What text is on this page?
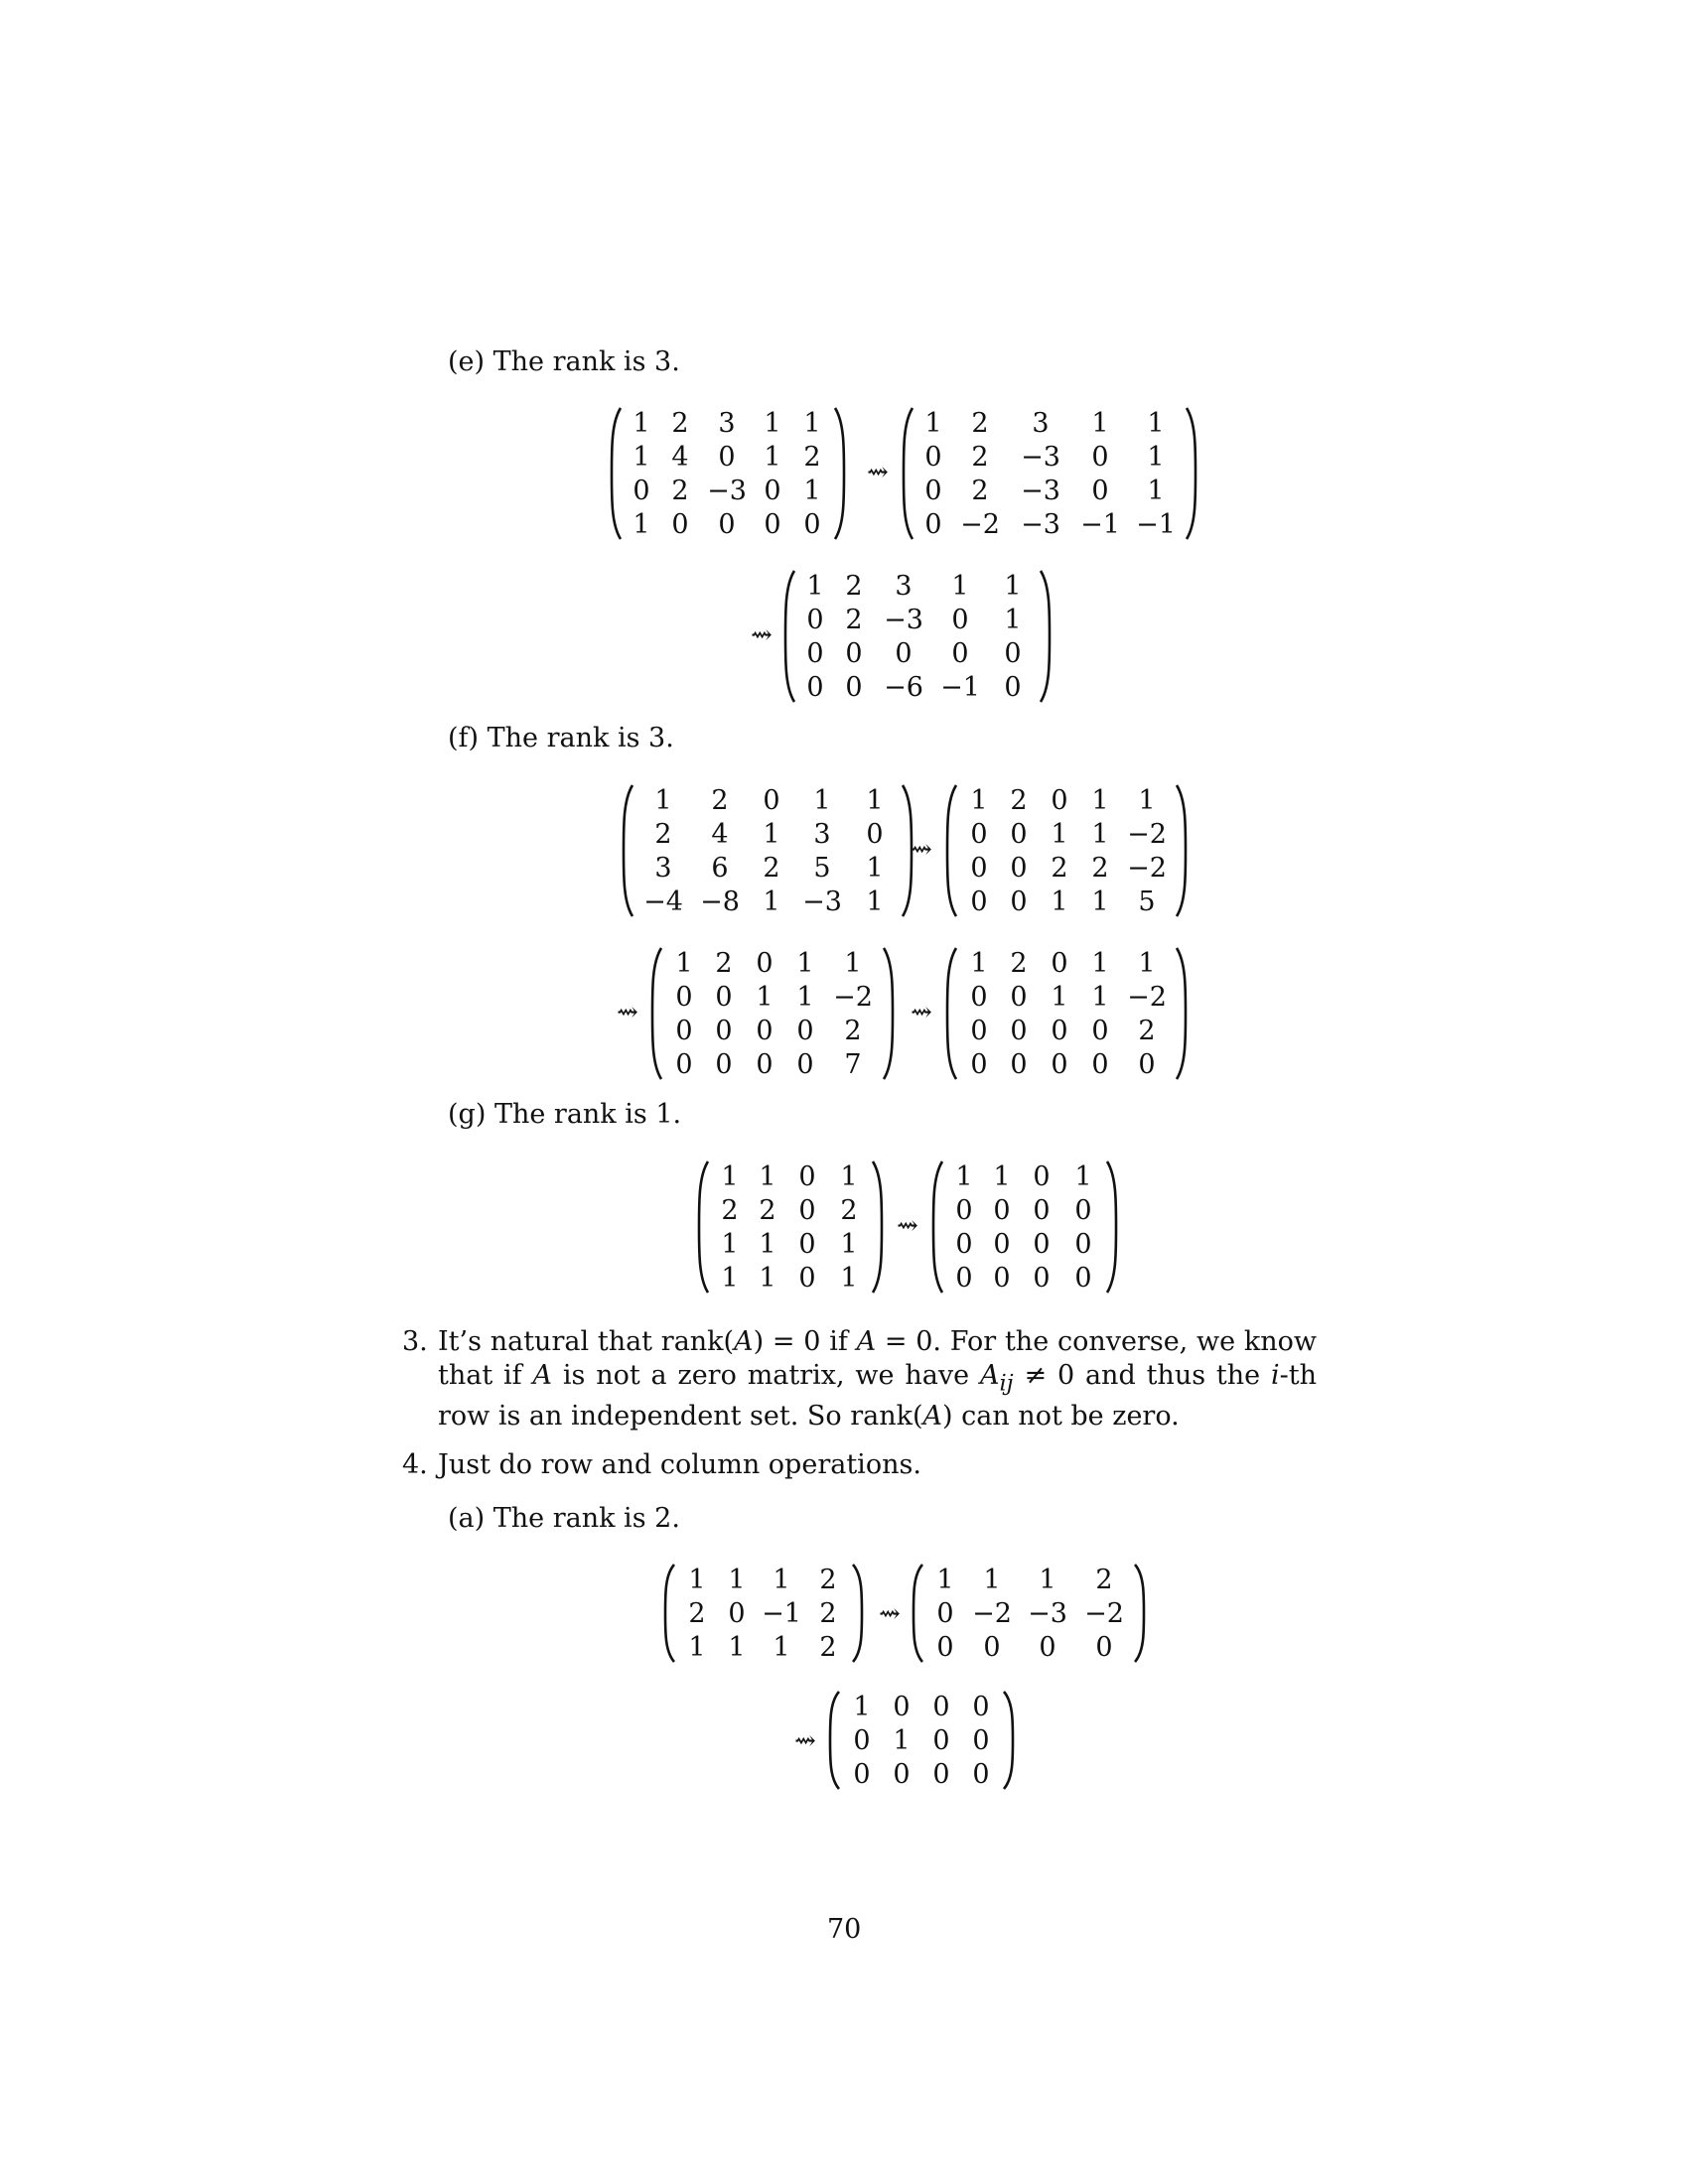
(e) The rank is 3.
1 2	3	1 1
1 4	0	1 2
0 2 −3 0 1
1 0	0	0 0
⇝
1	2	3	1	1
0	2	−3	0	1
0	2	−3	0	1
0 −2 −3 −1 −1
⇝
1 2	3	1	1
0 2 −3	0	1
0 0	0	0	0
0 0 −6 −1 0
(f) The rank is 3.
1	2	0	1	1
2	4	1	3	0
3	6	2	5	1
−4 −8 1 −3 1
⇝
1 2 0 1	1
0 0 1 1 −2
0 0 2 2 −2
0 0 1 1	5
⇝
1 2 0 1	1
0 0 1 1 −2
0 0 0 0	2
0 0 0 0	7
⇝
1 2 0 1	1
0 0 1 1 −2
0 0 0 0	2
0 0 0 0	0
(g) The rank is 1.
1 1 0 1
2 2 0 2
1 1 0 1
1 1 0 1
⇝
1 1 0 1
0 0 0 0
0 0 0 0
0 0 0 0
3. It’s natural that rank(A) = 0 if A = 0. For the converse, we know that if A is not a zero matrix, we have $A_{ij} \ne 0$ and thus the i-th row is an independent set. So rank(A) can not be zero.
4. Just do row and column operations.
(a) The rank is 2.
1 1	1	2
2 0 −1 2
1 1	1	2
⇝
1	1	1	2
0 −2 −3 −2
0	0	0	0
⇝
1 0 0 0
0 1 0 0
0 0 0 0
70
